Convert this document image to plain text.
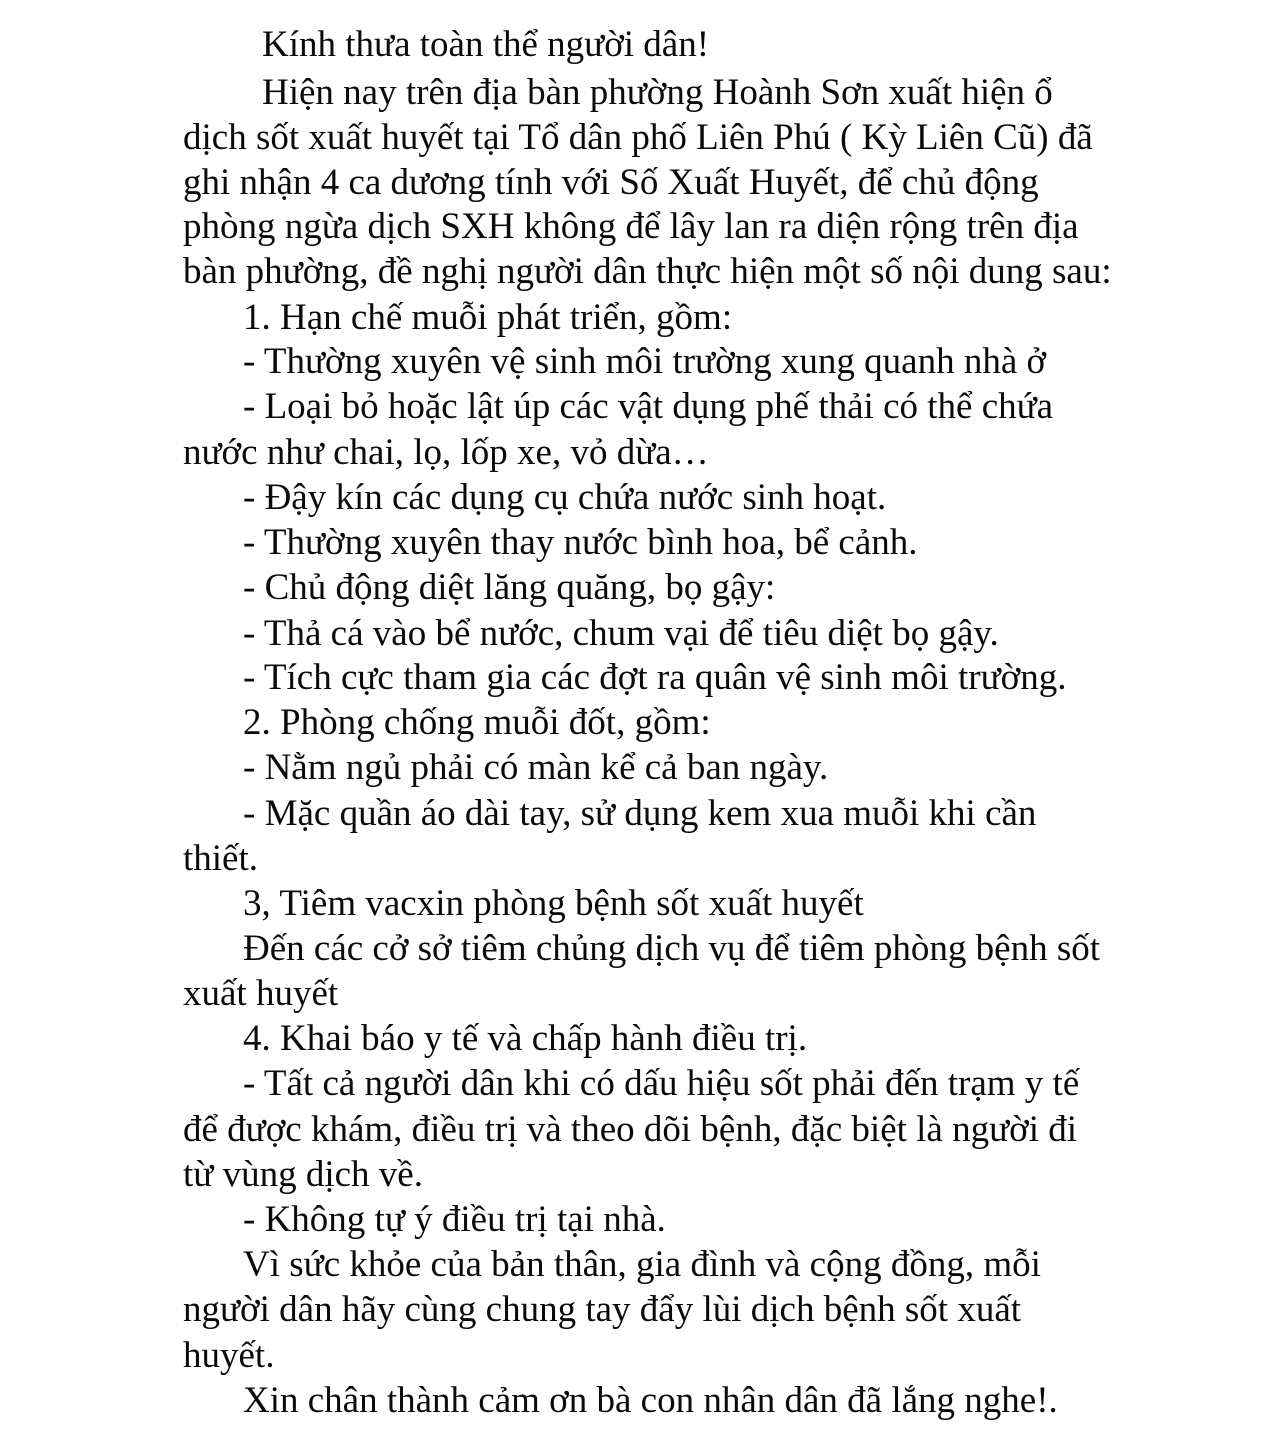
Kính thưa toàn thể người dân!

Hiện nay trên địa bàn phường Hoành Sơn xuất hiện ổ

dịch sốt xuất huyết tại Tổ dân phố Liên Phú ( Kỳ Liên Cũ) đã

ghi nhận 4 ca dương tính với Số Xuất Huyết, để chủ động

phòng ngừa dịch SXH không để lây lan ra diện rộng trên địa

bàn phường, đề nghị người dân thực hiện một số nội dung sau:

1. Hạn chế muỗi phát triển, gồm:

- Thường xuyên vệ sinh môi trường xung quanh nhà ở

- Loại bỏ hoặc lật úp các vật dụng phế thải có thể chứa

nước như chai, lọ, lốp xe, vỏ dừa…

- Đậy kín các dụng cụ chứa nước sinh hoạt.

- Thường xuyên thay nước bình hoa, bể cảnh.

- Chủ động diệt lăng quăng, bọ gậy:

- Thả cá vào bể nước, chum vại để tiêu diệt bọ gậy.

- Tích cực tham gia các đợt ra quân vệ sinh môi trường.

2. Phòng chống muỗi đốt, gồm:

- Nằm ngủ phải có màn kể cả ban ngày.

- Mặc quần áo dài tay, sử dụng kem xua muỗi khi cần

thiết.

3, Tiêm vacxin phòng bệnh sốt xuất huyết

Đến các cở sở tiêm chủng dịch vụ để tiêm phòng bệnh sốt

xuất huyết

4. Khai báo y tế và chấp hành điều trị.

- Tất cả người dân khi có dấu hiệu sốt phải đến trạm y tế

để được khám, điều trị và theo dõi bệnh, đặc biệt là người đi

từ vùng dịch về.

- Không tự ý điều trị tại nhà.

Vì sức khỏe của bản thân, gia đình và cộng đồng, mỗi

người dân hãy cùng chung tay đẩy lùi dịch bệnh sốt xuất

huyết.

Xin chân thành cảm ơn bà con nhân dân đã lắng nghe!.
